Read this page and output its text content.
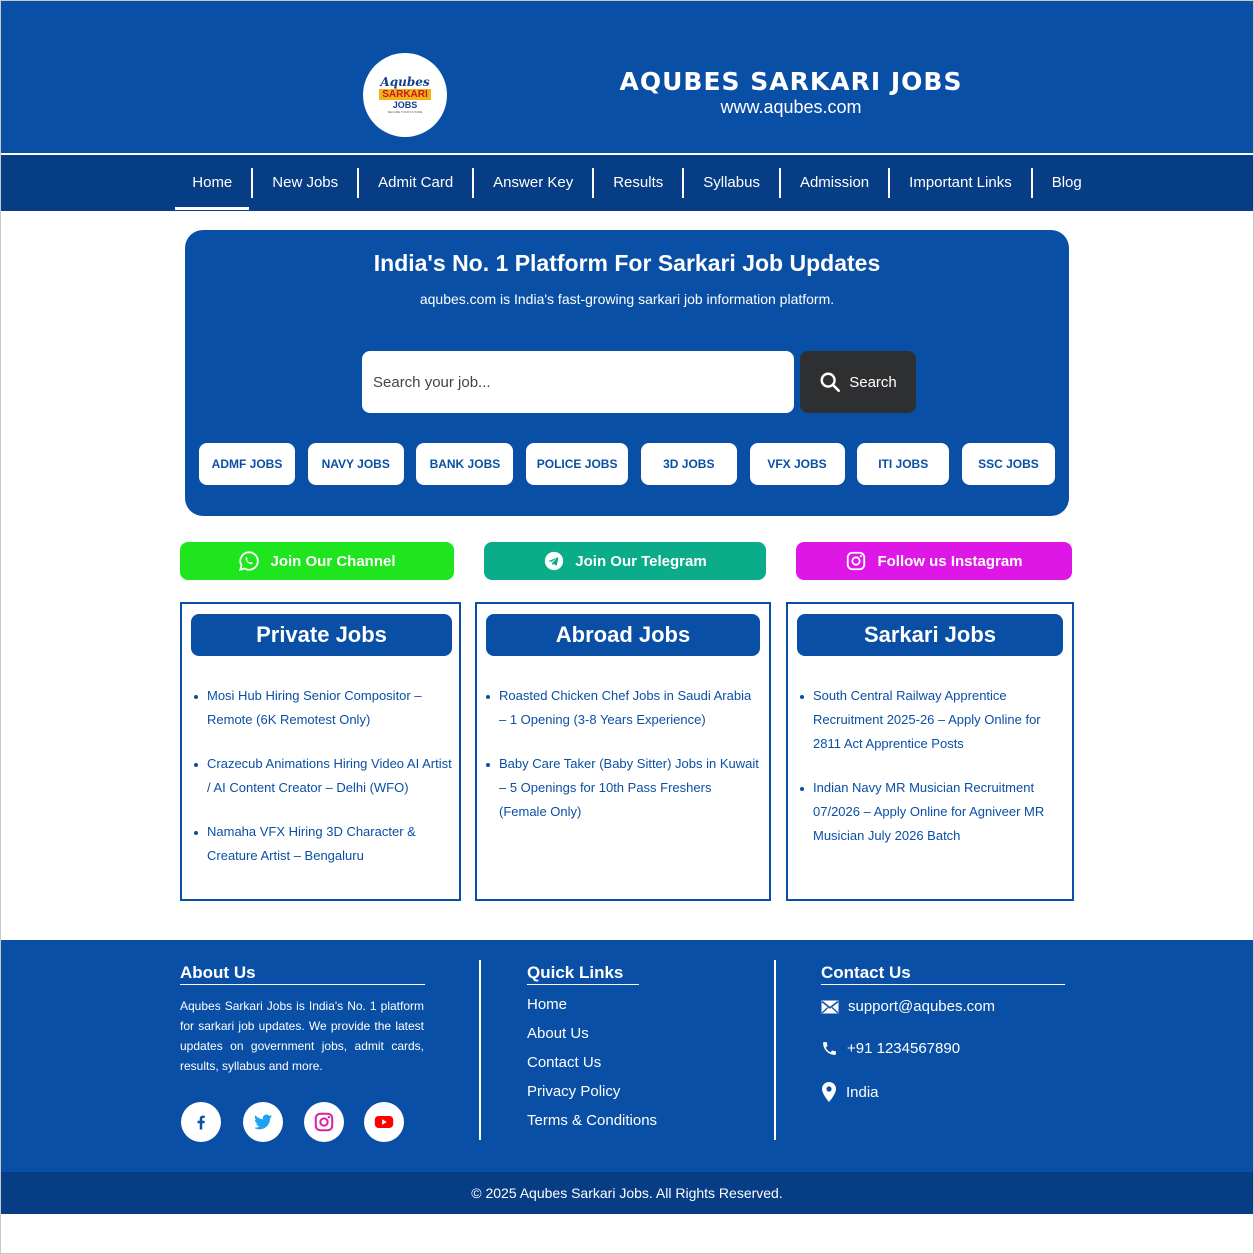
Aqubes
SARKARI
JOBS
SECURE YOUR FUTURE
AQUBES SARKARI JOBS
www.aqubes.com
Home	New Jobs	Admit Card	Answer Key	Results	Syllabus	Admission	Important Links	Blog
India's No. 1 Platform For Sarkari Job Updates

aqubes.com is India's fast-growing sarkari job information platform.

Search your job...
Search
ADMF JOBS	NAVY JOBS	BANK JOBS	POLICE JOBS	3D JOBS	VFX JOBS	ITI JOBS	SSC JOBS
Join Our Channel	Join Our Telegram	Follow us Instagram
Private Jobs
Mosi Hub Hiring Senior Compositor – Remote (6K Remotest Only)
Crazecub Animations Hiring Video AI Artist / AI Content Creator – Delhi (WFO)
Namaha VFX Hiring 3D Character & Creature Artist – Bengaluru
Abroad Jobs
Roasted Chicken Chef Jobs in Saudi Arabia – 1 Opening (3-8 Years Experience)
Baby Care Taker (Baby Sitter) Jobs in Kuwait – 5 Openings for 10th Pass Freshers (Female Only)
Sarkari Jobs
South Central Railway Apprentice Recruitment 2025-26 – Apply Online for 2811 Act Apprentice Posts
Indian Navy MR Musician Recruitment 07/2026 – Apply Online for Agniveer MR Musician July 2026 Batch
About Us

Aqubes Sarkari Jobs is India's No. 1 platform for sarkari job updates. We provide the latest updates on government jobs, admit cards, results, syllabus and more.

Quick Links
Home
About Us
Contact Us
Privacy Policy
Terms & Conditions
Contact Us
support@aqubes.com
+91 1234567890
India
© 2025 Aqubes Sarkari Jobs. All Rights Reserved.
